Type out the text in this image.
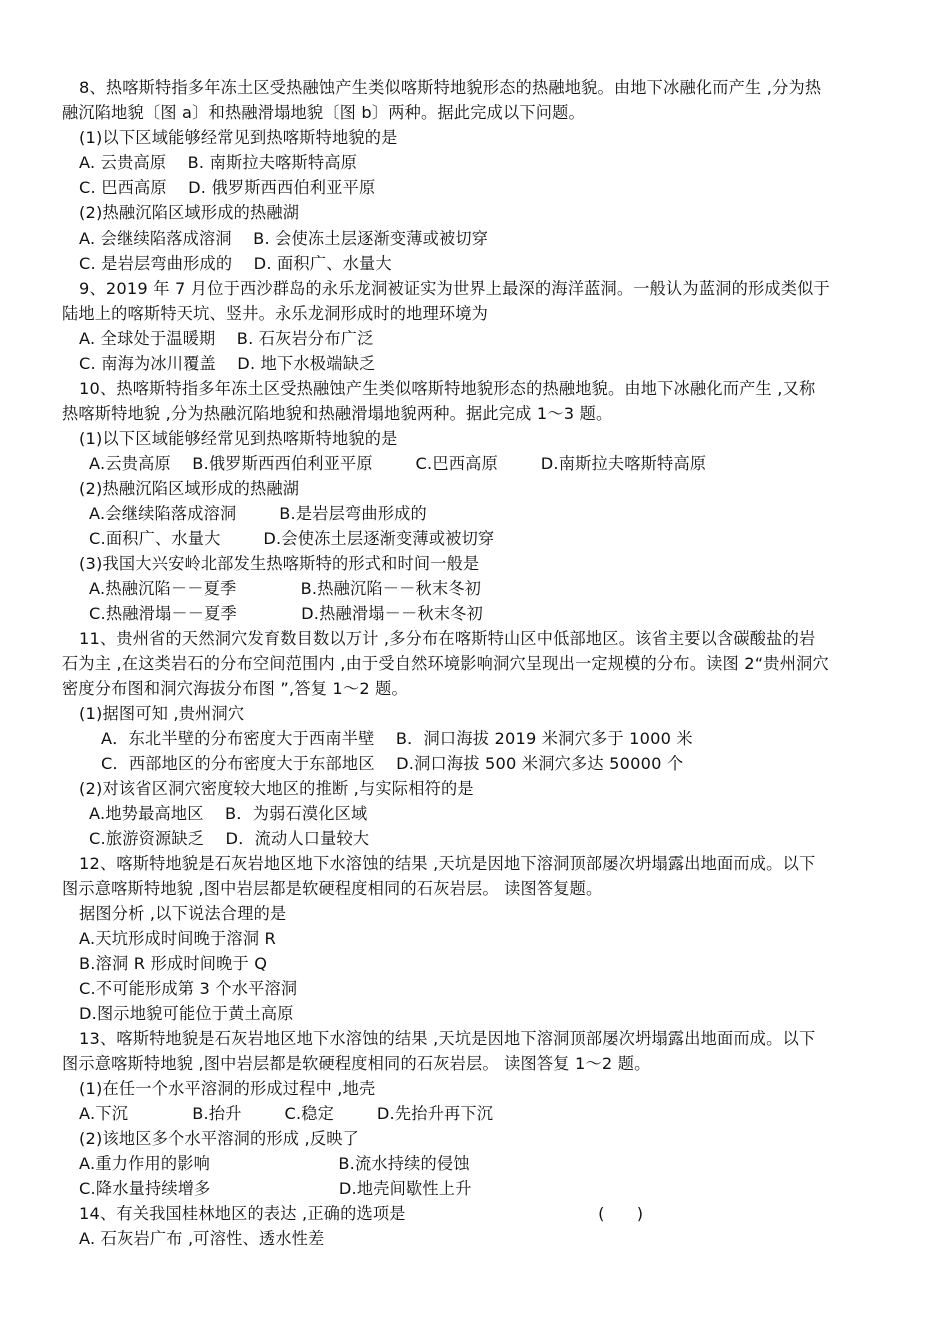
8、热喀斯特指多年冻土区受热融蚀产生类似喀斯特地貌形态的热融地貌。由地下冰融化而产生 ,分为热
融沉陷地貌〔图 a〕和热融滑塌地貌〔图 b〕两种。据此完成以下问题。
(1)以下区域能够经常见到热喀斯特地貌的是
A. 云贵高原    B. 南斯拉夫喀斯特高原
C. 巴西高原    D. 俄罗斯西西伯利亚平原
(2)热融沉陷区域形成的热融湖
A. 会继续陷落成溶洞    B. 会使冻土层逐渐变薄或被切穿
C. 是岩层弯曲形成的    D. 面积广、水量大
9、2019 年 7 月位于西沙群岛的永乐龙洞被证实为世界上最深的海洋蓝洞。一般认为蓝洞的形成类似于
陆地上的喀斯特天坑、竖井。永乐龙洞形成时的地理环境为
A. 全球处于温暖期    B. 石灰岩分布广泛
C. 南海为冰川覆盖    D. 地下水极端缺乏
10、热喀斯特指多年冻土区受热融蚀产生类似喀斯特地貌形态的热融地貌。由地下冰融化而产生 ,又称
热喀斯特地貌 ,分为热融沉陷地貌和热融滑塌地貌两种。据此完成 1～3 题。
(1)以下区域能够经常见到热喀斯特地貌的是
A.云贵高原    B.俄罗斯西西伯利亚平原        C.巴西高原        D.南斯拉夫喀斯特高原
(2)热融沉陷区域形成的热融湖
A.会继续陷落成溶洞        B.是岩层弯曲形成的
C.面积广、水量大        D.会使冻土层逐渐变薄或被切穿
(3)我国大兴安岭北部发生热喀斯特的形式和时间一般是
A.热融沉陷－－夏季            B.热融沉陷－－秋末冬初
C.热融滑塌－－夏季            D.热融滑塌－－秋末冬初
11、贵州省的天然洞穴发育数目数以万计 ,多分布在喀斯特山区中低部地区。该省主要以含碳酸盐的岩
石为主 ,在这类岩石的分布空间范围内 ,由于受自然环境影响洞穴呈现出一定规模的分布。读图 2“贵州洞穴
密度分布图和洞穴海拔分布图 ”,答复 1～2 题。
(1)据图可知 ,贵州洞穴
A．东北半壁的分布密度大于西南半壁    B．洞口海拔 2019 米洞穴多于 1000 米
C．西部地区的分布密度大于东部地区    D.洞口海拔 500 米洞穴多达 50000 个
(2)对该省区洞穴密度较大地区的推断 ,与实际相符的是
A.地势最高地区    B．为弱石漠化区域
C.旅游资源缺乏    D．流动人口量较大
12、喀斯特地貌是石灰岩地区地下水溶蚀的结果 ,天坑是因地下溶洞顶部屡次坍塌露出地面而成。以下
图示意喀斯特地貌 ,图中岩层都是软硬程度相同的石灰岩层。 读图答复题。
据图分析 ,以下说法合理的是
A.天坑形成时间晚于溶洞 R
B.溶洞 R 形成时间晚于 Q
C.不可能形成第 3 个水平溶洞
D.图示地貌可能位于黄土高原
13、喀斯特地貌是石灰岩地区地下水溶蚀的结果 ,天坑是因地下溶洞顶部屡次坍塌露出地面而成。以下
图示意喀斯特地貌 ,图中岩层都是软硬程度相同的石灰岩层。 读图答复 1～2 题。
(1)在任一个水平溶洞的形成过程中 ,地壳
A.下沉            B.抬升        C.稳定        D.先抬升再下沉
(2)该地区多个水平溶洞的形成 ,反映了
A.重力作用的影响                        B.流水持续的侵蚀
C.降水量持续增多                        D.地壳间歇性上升
14、有关我国桂林地区的表达 ,正确的选项是                                    (      )
A. 石灰岩广布 ,可溶性、透水性差
